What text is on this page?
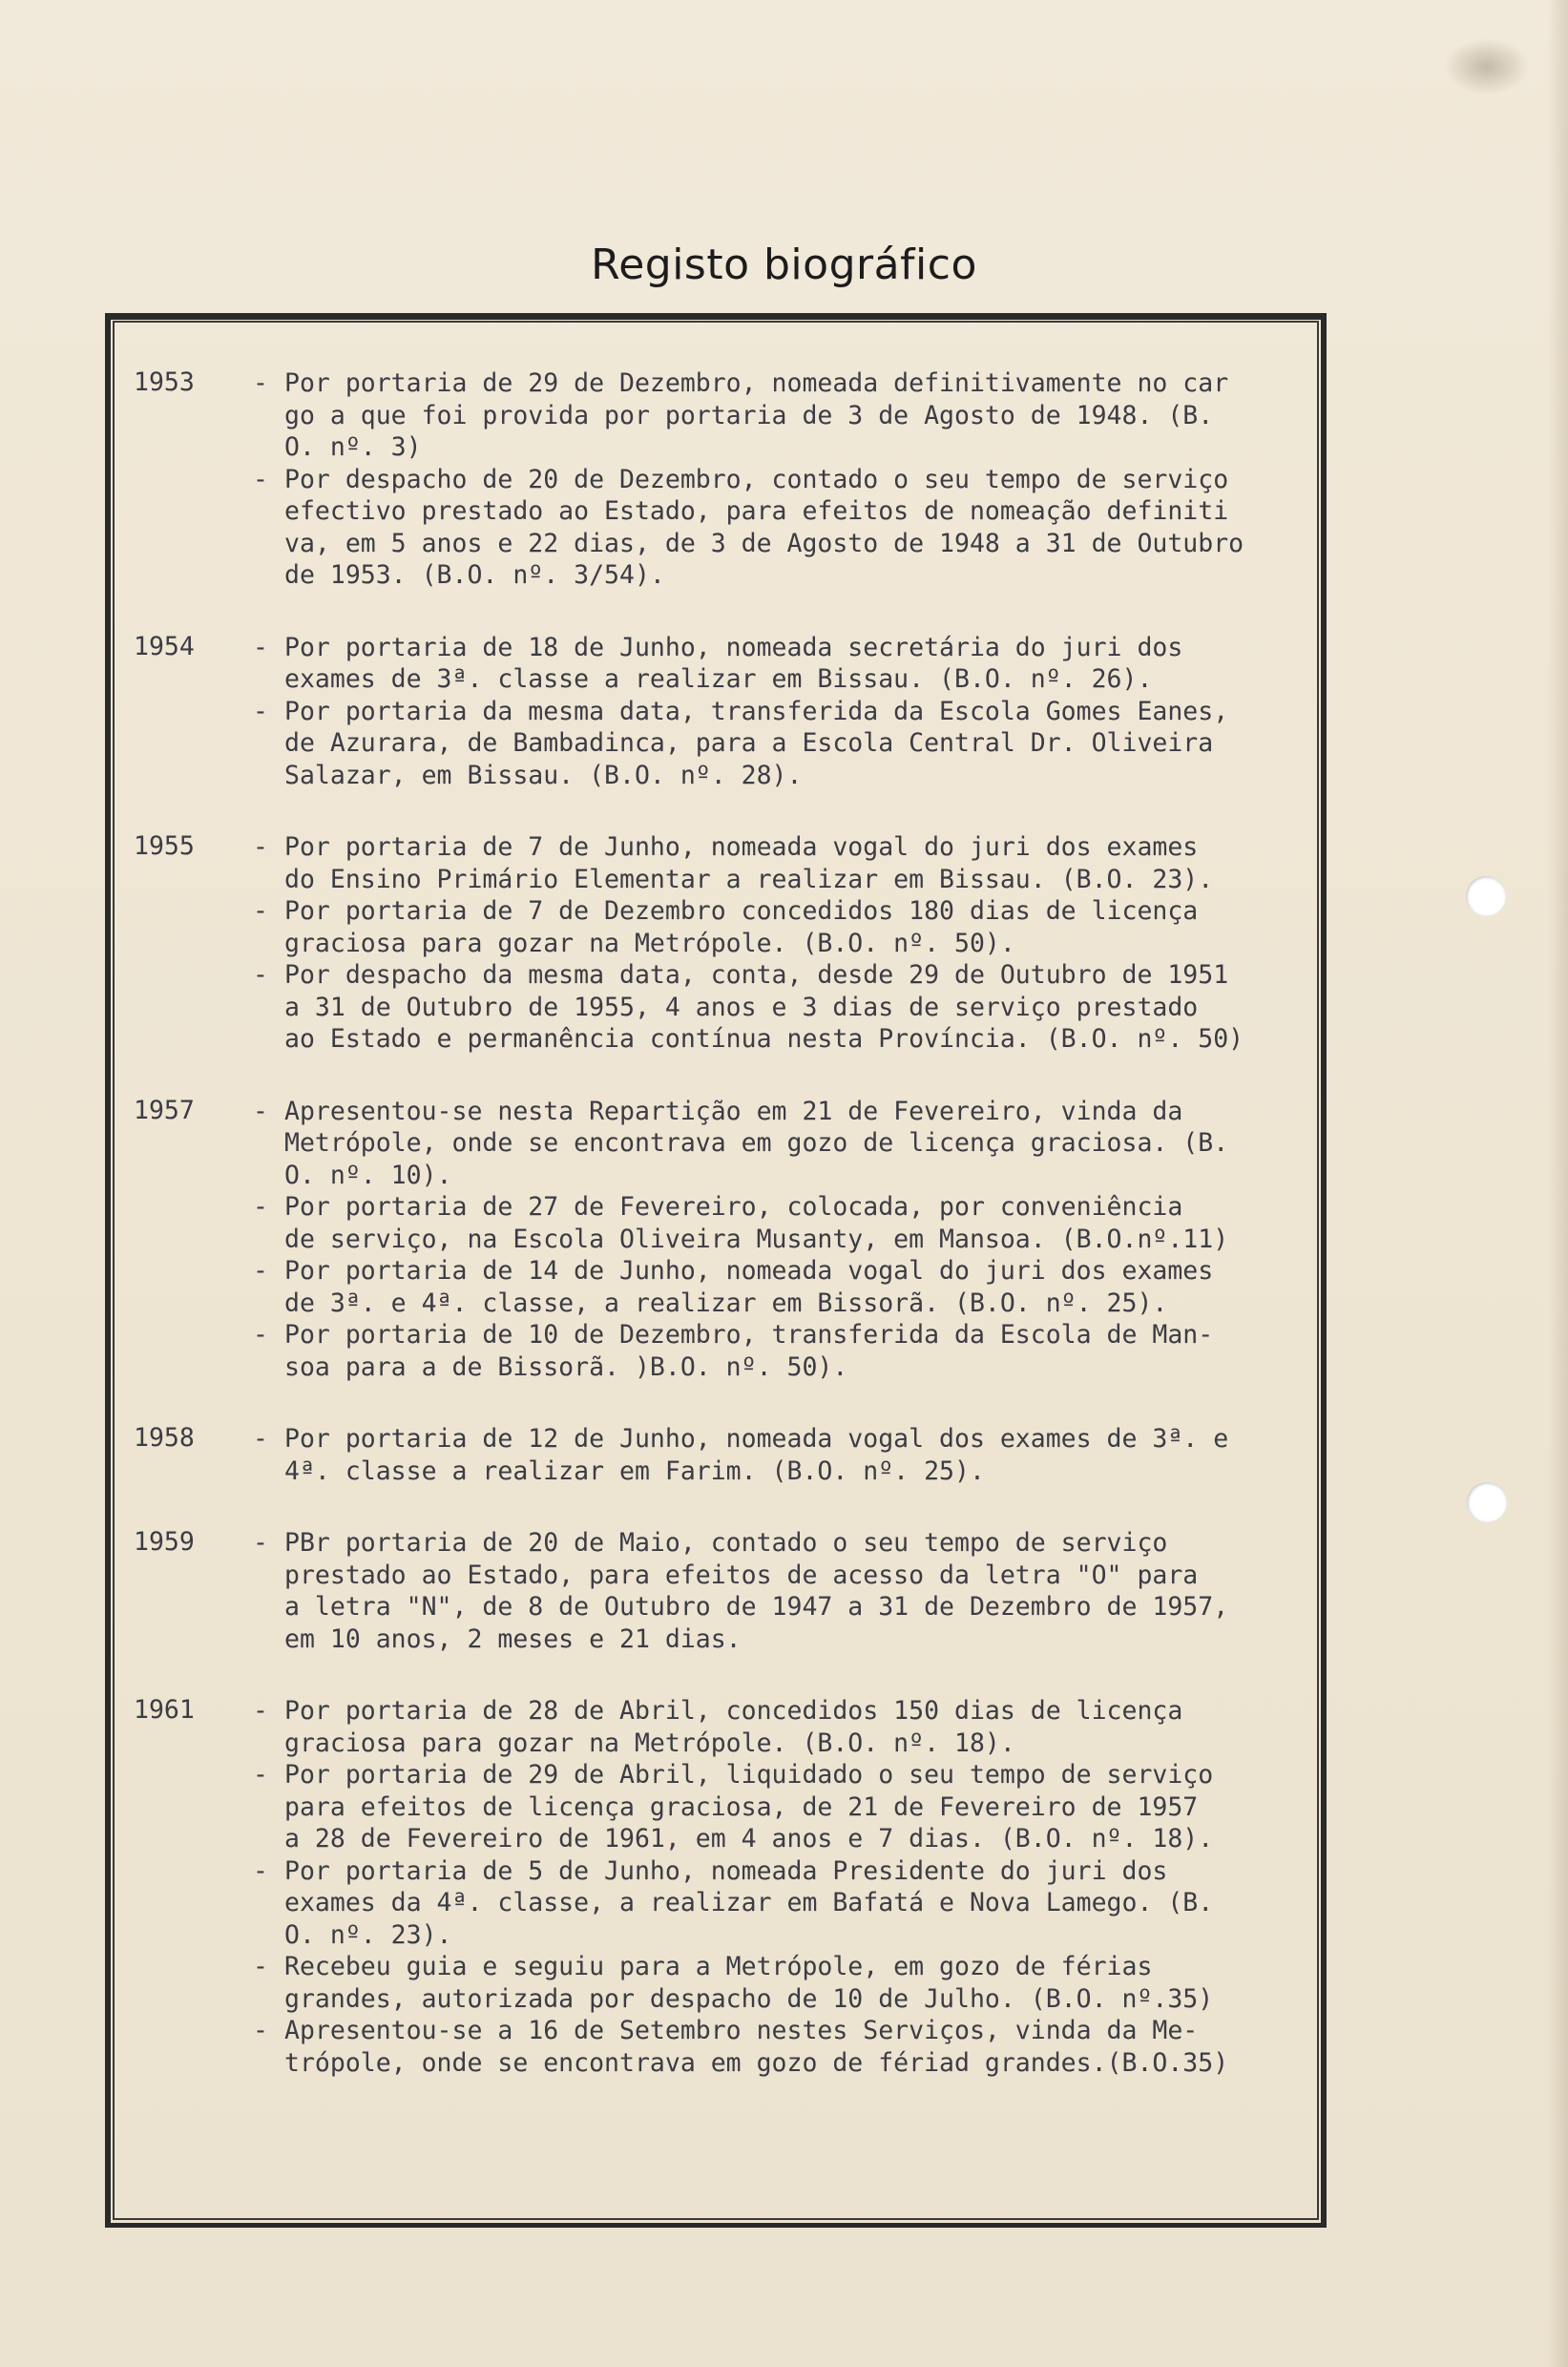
Registo biográfico
1953	- Por portaria de 29 de Dezembro, nomeada definitivamente no car
go a que foi provida por portaria de 3 de Agosto de 1948. (B.
O. nº. 3)
- Por despacho de 20 de Dezembro, contado o seu tempo de serviço
efectivo prestado ao Estado, para efeitos de nomeação definiti
va, em 5 anos e 22 dias, de 3 de Agosto de 1948 a 31 de Outubro
de 1953. (B.O. nº. 3/54).
1954	- Por portaria de 18 de Junho, nomeada secretária do juri dos
exames de 3ª. classe a realizar em Bissau. (B.O. nº. 26).
- Por portaria da mesma data, transferida da Escola Gomes Eanes,
de Azurara, de Bambadinca, para a Escola Central Dr. Oliveira
Salazar, em Bissau. (B.O. nº. 28).
1955	- Por portaria de 7 de Junho, nomeada vogal do juri dos exames
do Ensino Primário Elementar a realizar em Bissau. (B.O. 23).
- Por portaria de 7 de Dezembro concedidos 180 dias de licença
graciosa para gozar na Metrópole. (B.O. nº. 50).
- Por despacho da mesma data, conta, desde 29 de Outubro de 1951
a 31 de Outubro de 1955, 4 anos e 3 dias de serviço prestado
ao Estado e permanência contínua nesta Província. (B.O. nº. 50)
1957	- Apresentou-se nesta Repartição em 21 de Fevereiro, vinda da
Metrópole, onde se encontrava em gozo de licença graciosa. (B.
O. nº. 10).
- Por portaria de 27 de Fevereiro, colocada, por conveniência
de serviço, na Escola Oliveira Musanty, em Mansoa. (B.O.nº.11)
- Por portaria de 14 de Junho, nomeada vogal do juri dos exames
de 3ª. e 4ª. classe, a realizar em Bissorã. (B.O. nº. 25).
- Por portaria de 10 de Dezembro, transferida da Escola de Man-
soa para a de Bissorã. )B.O. nº. 50).
1958	- Por portaria de 12 de Junho, nomeada vogal dos exames de 3ª. e
4ª. classe a realizar em Farim. (B.O. nº. 25).
1959	- PBr portaria de 20 de Maio, contado o seu tempo de serviço
prestado ao Estado, para efeitos de acesso da letra "O" para
a letra "N", de 8 de Outubro de 1947 a 31 de Dezembro de 1957,
em 10 anos, 2 meses e 21 dias.
1961	- Por portaria de 28 de Abril, concedidos 150 dias de licença
graciosa para gozar na Metrópole. (B.O. nº. 18).
- Por portaria de 29 de Abril, liquidado o seu tempo de serviço
para efeitos de licença graciosa, de 21 de Fevereiro de 1957
a 28 de Fevereiro de 1961, em 4 anos e 7 dias. (B.O. nº. 18).
- Por portaria de 5 de Junho, nomeada Presidente do juri dos
exames da 4ª. classe, a realizar em Bafatá e Nova Lamego. (B.
O. nº. 23).
- Recebeu guia e seguiu para a Metrópole, em gozo de férias
grandes, autorizada por despacho de 10 de Julho. (B.O. nº.35)
- Apresentou-se a 16 de Setembro nestes Serviços, vinda da Me-
trópole, onde se encontrava em gozo de fériad grandes.(B.O.35)
